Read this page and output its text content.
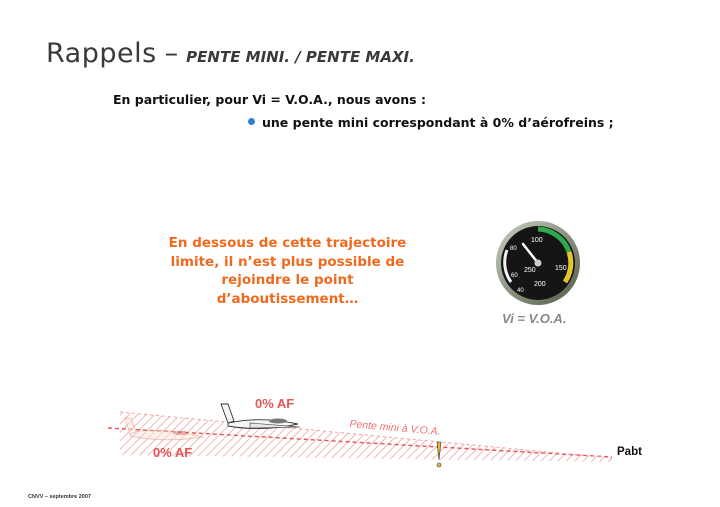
Rappels – PENTE MINI. / PENTE MAXI.
En particulier, pour Vi = V.O.A., nous avons :
une pente mini correspondant à 0% d’aérofreins ;
En dessous de cette trajectoire
limite, il n’est plus possible de
rejoindre le point
d’aboutissement…
100
150
200
250
60
80
40
Vi = V.O.A.
0% AF
0% AF
Pente mini à V.O.A.
Pabt
CNVV – septembre 2007
